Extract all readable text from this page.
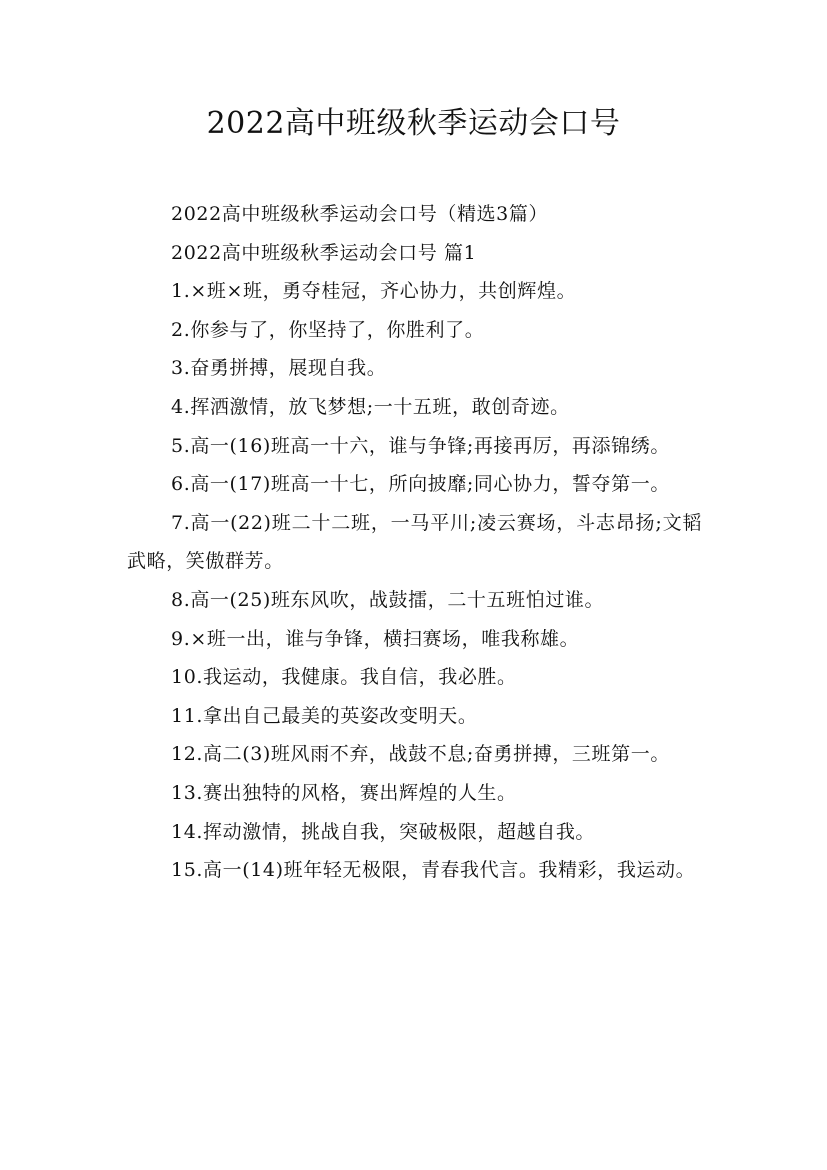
2022高中班级秋季运动会口号

2022高中班级秋季运动会口号（精选3篇）

2022高中班级秋季运动会口号 篇1

1.×班×班，勇夺桂冠，齐心协力，共创辉煌。

2.你参与了，你坚持了，你胜利了。

3.奋勇拼搏，展现自我。

4.挥洒激情，放飞梦想;一十五班，敢创奇迹。

5.高一(16)班高一十六，谁与争锋;再接再厉，再添锦绣。

6.高一(17)班高一十七，所向披靡;同心协力，誓夺第一。

7.高一(22)班二十二班，一马平川;凌云赛场，斗志昂扬;文韬武略，笑傲群芳。

8.高一(25)班东风吹，战鼓擂，二十五班怕过谁。

9.×班一出，谁与争锋，横扫赛场，唯我称雄。

10.我运动，我健康。我自信，我必胜。

11.拿出自己最美的英姿改变明天。

12.高二(3)班风雨不弃，战鼓不息;奋勇拼搏，三班第一。

13.赛出独特的风格，赛出辉煌的人生。

14.挥动激情，挑战自我，突破极限，超越自我。

15.高一(14)班年轻无极限，青春我代言。我精彩，我运动。
